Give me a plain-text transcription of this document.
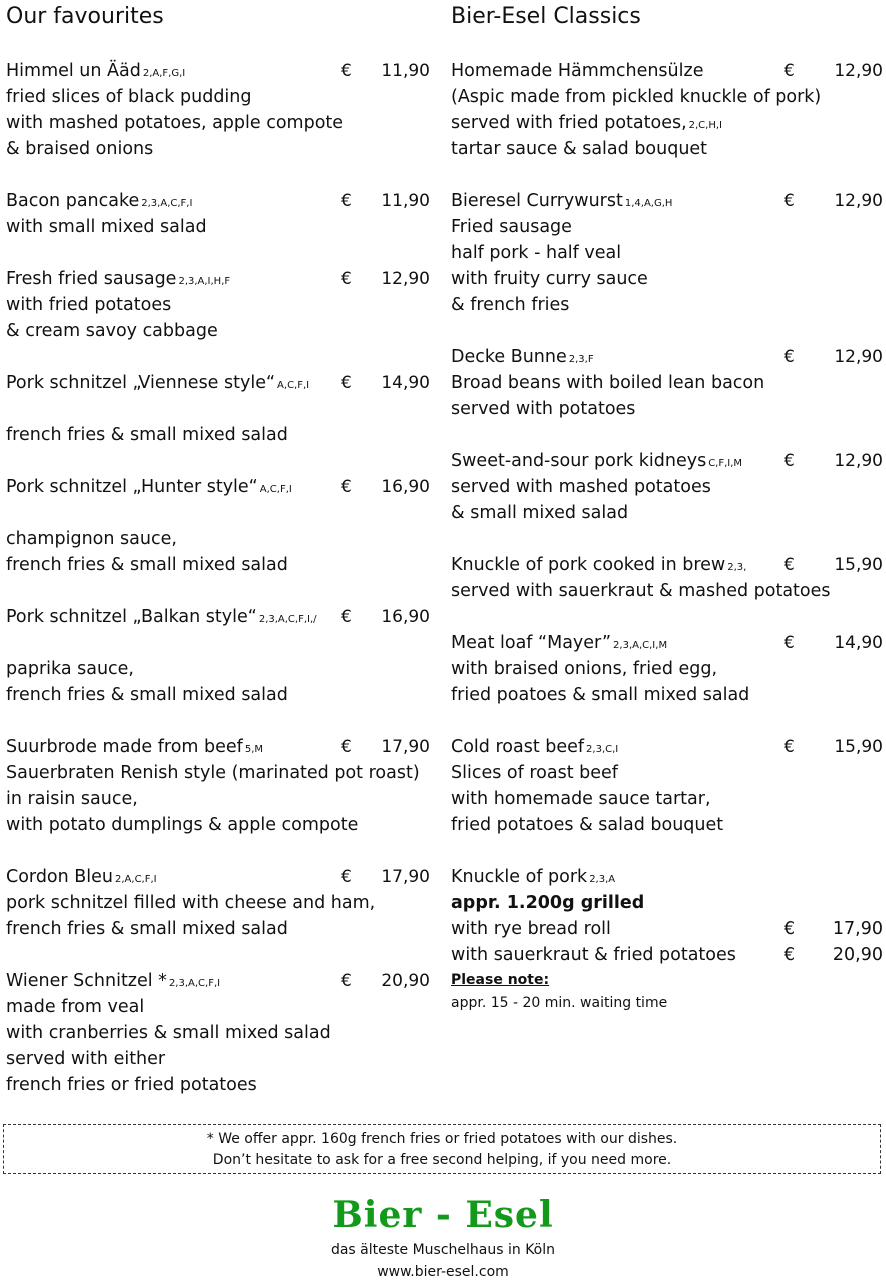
Our favourites
Himmel un Ääd 2,A,F,G,I	€ 11,90
fried slices of black pudding
with mashed potatoes, apple compote
& braised onions
Bacon pancake 2,3,A,C,F,I	€ 11,90
with small mixed salad
Fresh fried sausage 2,3,A,I,H,F	€ 12,90
with fried potatoes
& cream savoy cabbage
Pork schnitzel „Viennese style“ A,C,F,I € 14,90
french fries & small mixed salad
Pork schnitzel „Hunter style“ A,C,F,I	€ 16,90
champignon sauce,
french fries & small mixed salad
Pork schnitzel „Balkan style“ 2,3,A,C,F,I,/ € 16,90
paprika sauce,
french fries & small mixed salad
Suurbrode made from beef 5,M	€ 17,90
Sauerbraten Renish style (marinated pot roast)
in raisin sauce,
with potato dumplings & apple compote
Cordon Bleu 2,A,C,F,I	€ 17,90
pork schnitzel filled with cheese and ham,
french fries & small mixed salad
Wiener Schnitzel * 2,3,A,C,F,I	€ 20,90
made from veal
with cranberries & small mixed salad
served with either
french fries or fried potatoes
Bier-Esel Classics
Knuckle of pork 2,3,A
appr. 1.200g grilled
with rye bread roll	€ 17,90
with sauerkraut & fried potatoes	€ 20,90
Please note:
appr. 15 - 20 min. waiting time
Homemade Hämmchensülze	€ 12,90
(Aspic made from pickled knuckle of pork)
served with fried potatoes, 2,C,H,I
tartar sauce & salad bouquet
Bieresel Currywurst 1,4,A,G,H	€ 12,90
Fried sausage
half pork - half veal
with fruity curry sauce
& french fries
Decke Bunne 2,3,F	€ 12,90
Broad beans with boiled lean bacon
served with potatoes
Sweet-and-sour pork kidneys C,F,I,M € 12,90
served with mashed potatoes
& small mixed salad
Knuckle of pork cooked in brew 2,3, € 15,90
served with sauerkraut & mashed potatoes
Meat loaf “Mayer” 2,3,A,C,I,M	€ 14,90
with braised onions, fried egg,
fried poatoes & small mixed salad
Cold roast beef 2,3,C,I	€ 15,90
Slices of roast beef
with homemade sauce tartar,
fried potatoes & salad bouquet
* We offer appr. 160g french fries or fried potatoes with our dishes.
Don’t hesitate to ask for a free second helping, if you need more.
Bier - Esel
das älteste Muschelhaus in Köln
www.bier-esel.com
